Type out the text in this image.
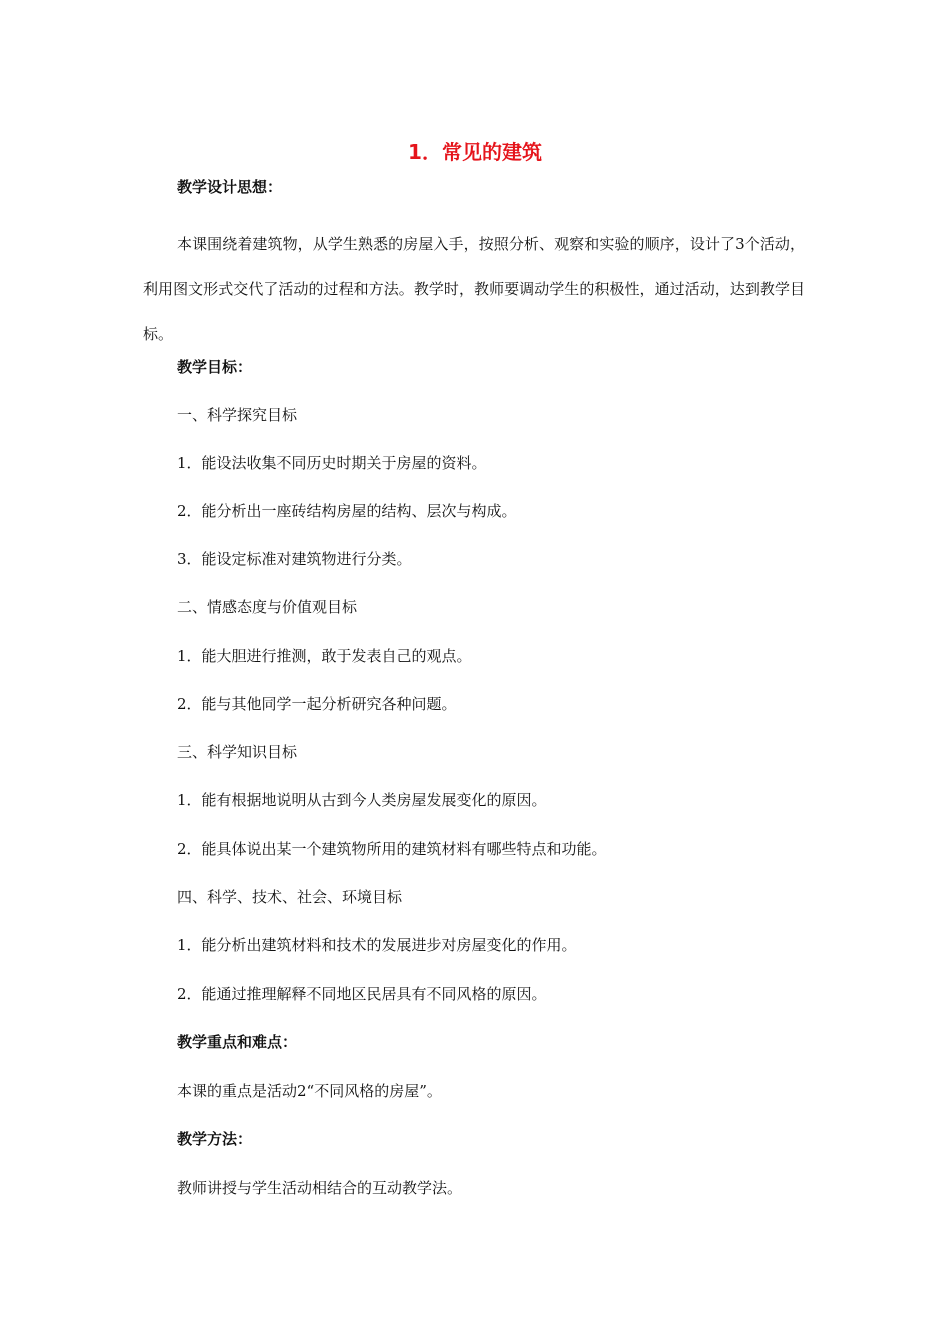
1．常见的建筑
教学设计思想：
本课围绕着建筑物，从学生熟悉的房屋入手，按照分析、观察和实验的顺序，设计了3个活动，利用图文形式交代了活动的过程和方法。教学时，教师要调动学生的积极性，通过活动，达到教学目标。
教学目标：
一、科学探究目标
1．能设法收集不同历史时期关于房屋的资料。
2．能分析出一座砖结构房屋的结构、层次与构成。
3．能设定标准对建筑物进行分类。
二、情感态度与价值观目标
1．能大胆进行推测，敢于发表自己的观点。
2．能与其他同学一起分析研究各种问题。
三、科学知识目标
1．能有根据地说明从古到今人类房屋发展变化的原因。
2．能具体说出某一个建筑物所用的建筑材料有哪些特点和功能。
四、科学、技术、社会、环境目标
1．能分析出建筑材料和技术的发展进步对房屋变化的作用。
2．能通过推理解释不同地区民居具有不同风格的原因。
教学重点和难点：
本课的重点是活动2“不同风格的房屋”。
教学方法：
教师讲授与学生活动相结合的互动教学法。
